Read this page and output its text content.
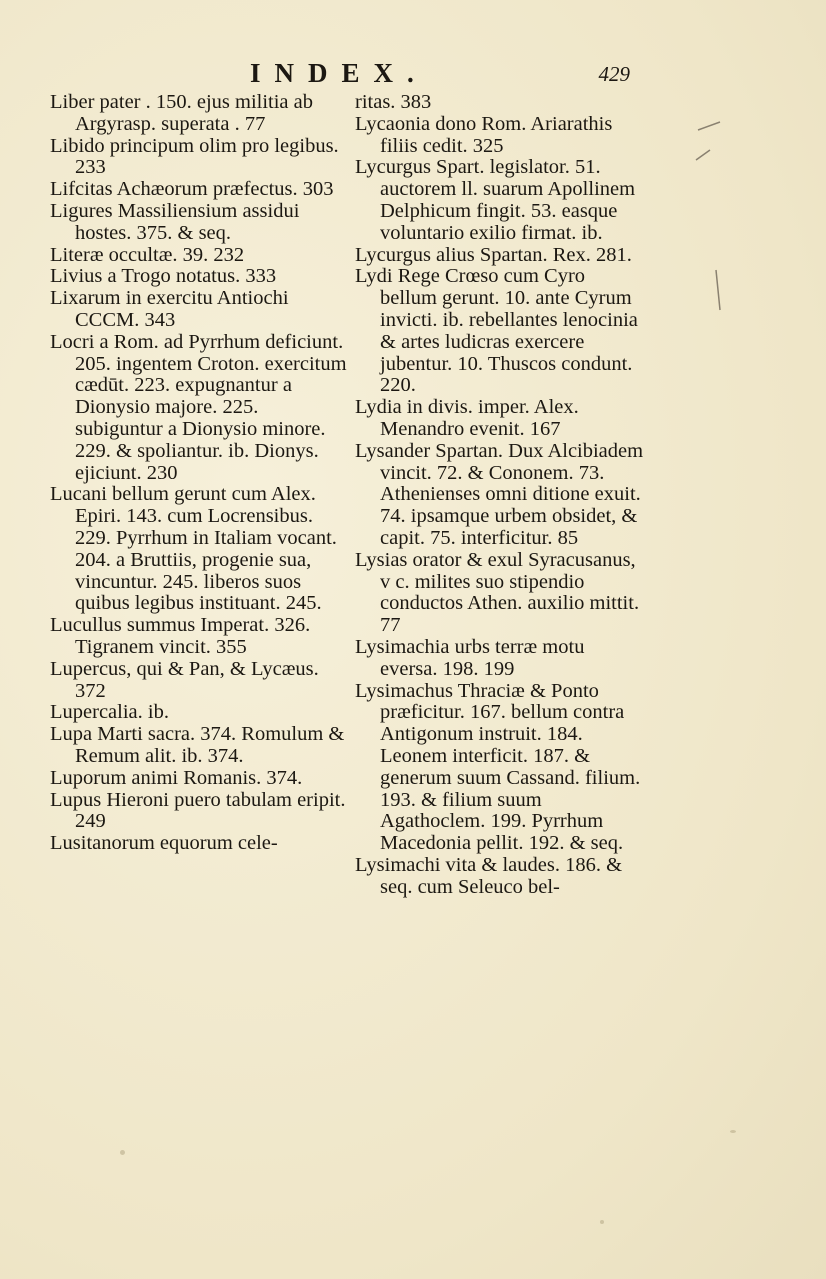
INDEX.	429

Liber pater . 150. ejus militia ab Argyrasp. superata . 77

Libido principum olim pro legibus. 233

Lifcitas Achæorum præfectus. 303

Ligures Massiliensium assidui hostes. 375. & seq.

Literæ occultæ. 39. 232

Livius a Trogo notatus. 333

Lixarum in exercitu Antiochi CCCM. 343

Locri a Rom. ad Pyrrhum deficiunt. 205. ingentem Croton. exercitum cædūt. 223. expugnantur a Dionysio majore. 225. subiguntur a Dionysio minore. 229. & spoliantur. ib. Dionys. ejiciunt. 230

Lucani bellum gerunt cum Alex. Epiri. 143. cum Locrensibus. 229. Pyrrhum in Italiam vocant. 204. a Bruttiis, progenie sua, vincuntur. 245. liberos suos quibus legibus instituant. 245.

Lucullus summus Imperat. 326. Tigranem vincit. 355

Lupercus, qui & Pan, & Lycæus. 372

Lupercalia. ib.

Lupa Marti sacra. 374. Romulum & Remum alit. ib. 374.

Luporum animi Romanis. 374.

Lupus Hieroni puero tabulam eripit. 249

Lusitanorum equorum cele-

ritas. 383

Lycaonia dono Rom. Ariarathis filiis cedit. 325

Lycurgus Spart. legislator. 51. auctorem ll. suarum Apollinem Delphicum fingit. 53. easque voluntario exilio firmat. ib.

Lycurgus alius Spartan. Rex. 281.

Lydi Rege Crœso cum Cyro bellum gerunt. 10. ante Cyrum invicti. ib. rebellantes lenocinia & artes ludicras exercere jubentur. 10. Thuscos condunt. 220.

Lydia in divis. imper. Alex. Menandro evenit. 167

Lysander Spartan. Dux Alcibiadem vincit. 72. & Cononem. 73. Athenienses omni ditione exuit. 74. ipsamque urbem obsidet, & capit. 75. interficitur. 85

Lysias orator & exul Syracusanus, v c. milites suo stipendio conductos Athen. auxilio mittit. 77

Lysimachia urbs terræ motu eversa. 198. 199

Lysimachus Thraciæ & Ponto præficitur. 167. bellum contra Antigonum instruit. 184. Leonem interficit. 187. & generum suum Cassand. filium. 193. & filium suum Agathoclem. 199. Pyrrhum Macedonia pellit. 192. & seq.

Lysimachi vita & laudes. 186. & seq. cum Seleuco bel-
